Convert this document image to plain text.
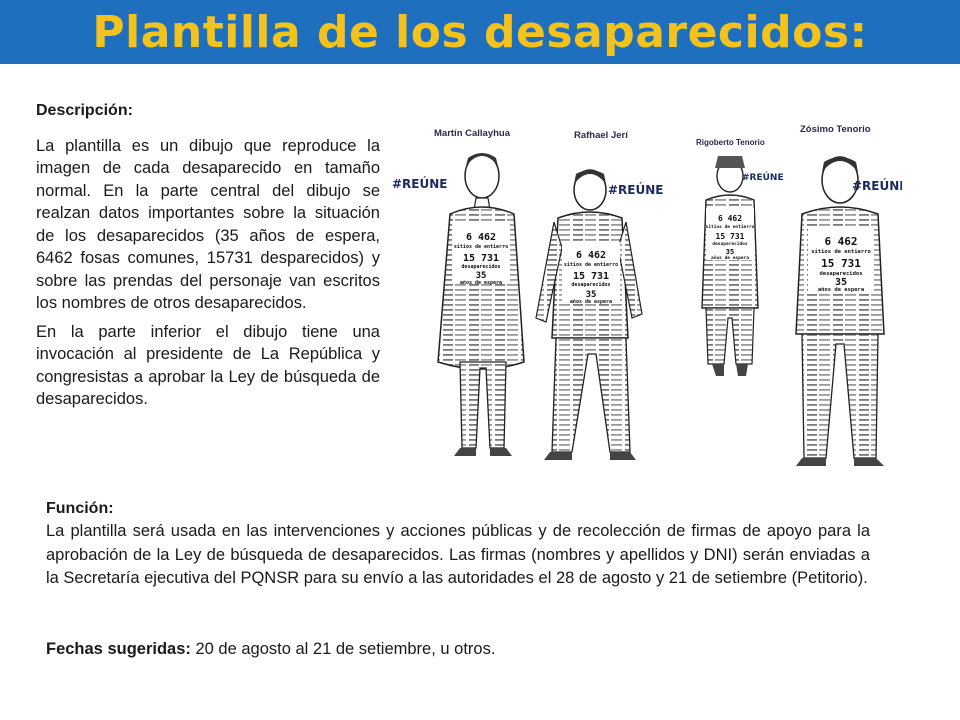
Plantilla de los desaparecidos:
Descripción:

La plantilla es un dibujo que reproduce la imagen de cada desaparecido en tamaño normal. En la parte central del dibujo se realzan datos importantes sobre la situación de los desaparecidos (35 años de espera, 6462 fosas comunes, 15731 desparecidos) y sobre las prendas del personaje van escritos los nombres de otros desaparecidos.

En la parte inferior el dibujo tiene una invocación al presidente de La República y congresistas a aprobar la Ley de búsqueda de desaparecidos.

6 462
sitios de entierro
15 731
desaparecidos
35
años de espera
6 462
sitios de entierro
15 731
desaparecidos
35
años de espera
6 462
sitios de entierro
15 731
desaparecidos
35
años de espera
6 462
sitios de entierro
15 731
desaparecidos
35
años de espera
#REÚNE	#REÚNE
#REÚNE
#REÚNE
Martín Callayhua	Rafhael Jerí
Rigoberto Tenorio
Zósimo Tenorio
Función:

La plantilla será usada en las intervenciones y acciones públicas y de recolección de firmas de apoyo para la aprobación de la Ley de búsqueda de desaparecidos. Las firmas (nombres y apellidos y DNI) serán enviadas a la Secretaría ejecutiva del PQNSR para su envío a las autoridades el 28 de agosto y 21 de setiembre (Petitorio).

Fechas sugeridas: 20 de agosto al 21 de setiembre, u otros.
